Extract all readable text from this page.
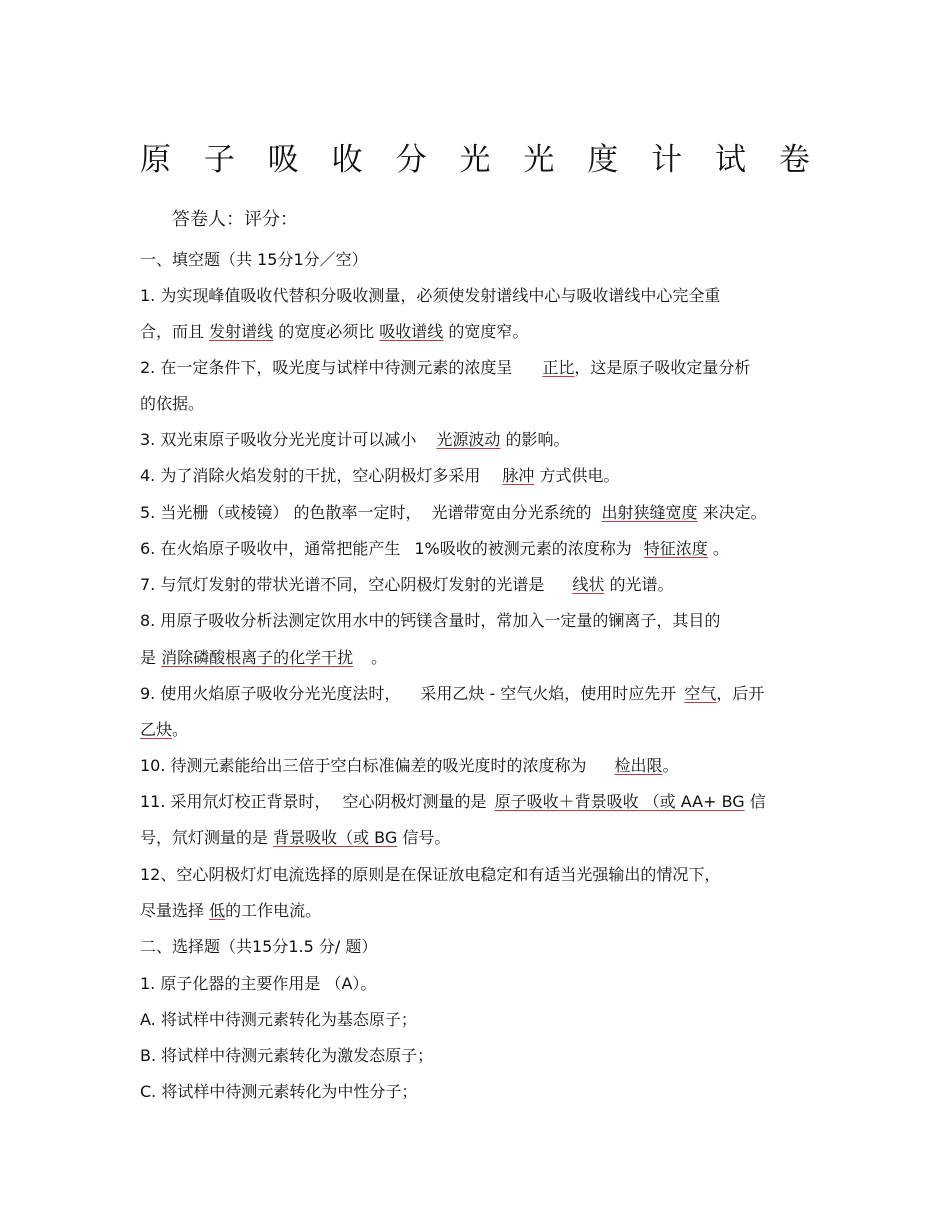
原 子 吸 收 分 光 光 度 计 试 卷
答卷人：评分：
一、填空题（共 15分1分／空）
1. 为实现峰值吸收代替积分吸收测量，必须使发射谱线中心与吸收谱线中心完全重
合，而且 发射谱线 的宽度必须比 吸收谱线 的宽度窄。
2. 在一定条件下，吸光度与试样中待测元素的浓度呈 正比，这是原子吸收定量分析
的依据。
3. 双光束原子吸收分光光度计可以减小 光源波动 的影响。
4. 为了消除火焰发射的干扰，空心阴极灯多采用 脉冲 方式供电。
5. 当光栅（或棱镜） 的色散率一定时， 光谱带宽由分光系统的 出射狭缝宽度 来决定。
6. 在火焰原子吸收中，通常把能产生 1%吸收的被测元素的浓度称为 特征浓度 。
7. 与氘灯发射的带状光谱不同，空心阴极灯发射的光谱是 线状 的光谱。
8. 用原子吸收分析法测定饮用水中的钙镁含量时，常加入一定量的镧离子，其目的
是 消除磷酸根离子的化学干扰 。
9. 使用火焰原子吸收分光光度法时， 采用乙炔 - 空气火焰，使用时应先开 空气，后开
乙炔。
10. 待测元素能给出三倍于空白标准偏差的吸光度时的浓度称为 检出限。
11. 采用氘灯校正背景时， 空心阴极灯测量的是 原子吸收＋背景吸收 （或 AA+ BG 信
号，氘灯测量的是 背景吸收（或 BG 信号。
12、空心阴极灯灯电流选择的原则是在保证放电稳定和有适当光强输出的情况下，
尽量选择 低的工作电流。
二、选择题（共15分1.5 分/ 题）
1. 原子化器的主要作用是 （A）。
A. 将试样中待测元素转化为基态原子；
B. 将试样中待测元素转化为激发态原子；
C. 将试样中待测元素转化为中性分子；
